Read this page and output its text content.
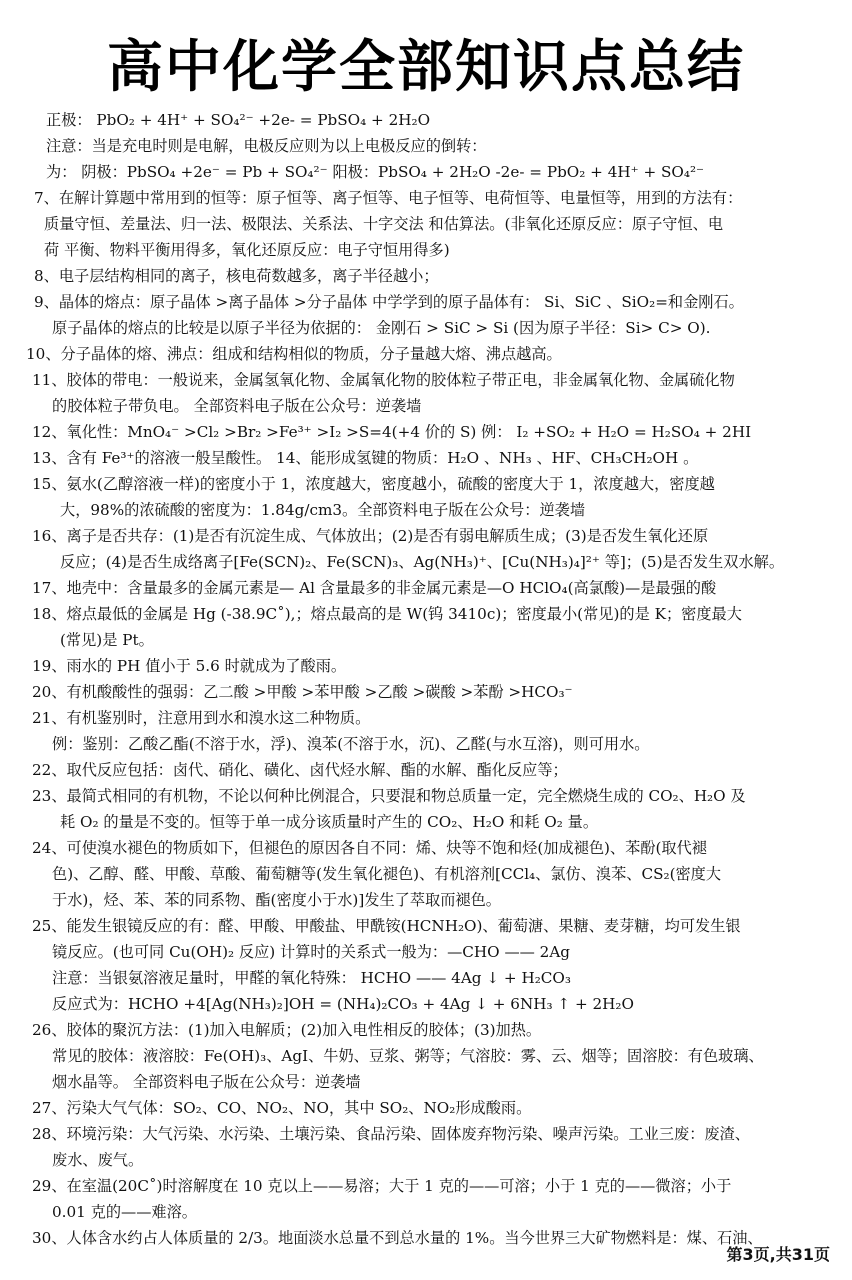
高中化学全部知识点总结
正极： PbO₂ + 4H⁺ + SO₄²⁻ +2e- = PbSO₄ + 2H₂O
注意：当是充电时则是电解，电极反应则为以上电极反应的倒转：
为： 阴极：PbSO₄ +2e⁻ = Pb + SO₄²⁻ 阳极：PbSO₄ + 2H₂O -2e- = PbO₂ + 4H⁺ + SO₄²⁻
7、在解计算题中常用到的恒等：原子恒等、离子恒等、电子恒等、电荷恒等、电量恒等，用到的方法有：
质量守恒、差量法、归一法、极限法、关系法、十字交法 和估算法。(非氧化还原反应：原子守恒、电
荷 平衡、物料平衡用得多，氧化还原反应：电子守恒用得多)
8、电子层结构相同的离子，核电荷数越多，离子半径越小；
9、晶体的熔点：原子晶体 >离子晶体 >分子晶体 中学学到的原子晶体有： Si、SiC 、SiO₂=和金刚石。
原子晶体的熔点的比较是以原子半径为依据的： 金刚石 > SiC > Si (因为原子半径：Si> C> O).
10、分子晶体的熔、沸点：组成和结构相似的物质，分子量越大熔、沸点越高。
11、胶体的带电：一般说来，金属氢氧化物、金属氧化物的胶体粒子带正电，非金属氧化物、金属硫化物
的胶体粒子带负电。 全部资料电子版在公众号：逆袭墙
12、氧化性：MnO₄⁻ >Cl₂ >Br₂ >Fe³⁺ >I₂ >S=4(+4 价的 S) 例： I₂ +SO₂ + H₂O = H₂SO₄ + 2HI
13、含有 Fe³⁺的溶液一般呈酸性。 14、能形成氢键的物质：H₂O 、NH₃ 、HF、CH₃CH₂OH 。
15、氨水(乙醇溶液一样)的密度小于 1，浓度越大，密度越小，硫酸的密度大于 1，浓度越大，密度越
大，98%的浓硫酸的密度为：1.84g/cm3。全部资料电子版在公众号：逆袭墙
16、离子是否共存：(1)是否有沉淀生成、气体放出；(2)是否有弱电解质生成；(3)是否发生氧化还原
反应；(4)是否生成络离子[Fe(SCN)₂、Fe(SCN)₃、Ag(NH₃)⁺、[Cu(NH₃)₄]²⁺ 等]；(5)是否发生双水解。
17、地壳中：含量最多的金属元素是— Al 含量最多的非金属元素是—O HClO₄(高氯酸)—是最强的酸
18、熔点最低的金属是 Hg (-38.9C˚),；熔点最高的是 W(钨 3410c)；密度最小(常见)的是 K；密度最大
(常见)是 Pt。
19、雨水的 PH 值小于 5.6 时就成为了酸雨。
20、有机酸酸性的强弱：乙二酸 >甲酸 >苯甲酸 >乙酸 >碳酸 >苯酚 >HCO₃⁻
21、有机鉴别时，注意用到水和溴水这二种物质。
例：鉴别：乙酸乙酯(不溶于水，浮)、溴苯(不溶于水，沉)、乙醛(与水互溶)，则可用水。
22、取代反应包括：卤代、硝化、磺化、卤代烃水解、酯的水解、酯化反应等；
23、最简式相同的有机物，不论以何种比例混合，只要混和物总质量一定，完全燃烧生成的 CO₂、H₂O 及
耗 O₂ 的量是不变的。恒等于单一成分该质量时产生的 CO₂、H₂O 和耗 O₂ 量。
24、可使溴水褪色的物质如下，但褪色的原因各自不同：烯、炔等不饱和烃(加成褪色)、苯酚(取代褪
色)、乙醇、醛、甲酸、草酸、葡萄糖等(发生氧化褪色)、有机溶剂[CCl₄、氯仿、溴苯、CS₂(密度大
于水)，烃、苯、苯的同系物、酯(密度小于水)]发生了萃取而褪色。
25、能发生银镜反应的有：醛、甲酸、甲酸盐、甲酰铵(HCNH₂O)、葡萄溏、果糖、麦芽糖，均可发生银
镜反应。(也可同 Cu(OH)₂ 反应) 计算时的关系式一般为：—CHO —— 2Ag
注意：当银氨溶液足量时，甲醛的氧化特殊： HCHO —— 4Ag ↓ + H₂CO₃
反应式为：HCHO +4[Ag(NH₃)₂]OH = (NH₄)₂CO₃ + 4Ag ↓ + 6NH₃ ↑ + 2H₂O
26、胶体的聚沉方法：(1)加入电解质；(2)加入电性相反的胶体；(3)加热。
常见的胶体：液溶胶：Fe(OH)₃、AgI、牛奶、豆浆、粥等；气溶胶：雾、云、烟等；固溶胶：有色玻璃、
烟水晶等。 全部资料电子版在公众号：逆袭墙
27、污染大气气体：SO₂、CO、NO₂、NO，其中 SO₂、NO₂形成酸雨。
28、环境污染：大气污染、水污染、土壤污染、食品污染、固体废弃物污染、噪声污染。工业三废：废渣、
废水、废气。
29、在室温(20C˚)时溶解度在 10 克以上——易溶；大于 1 克的——可溶；小于 1 克的——微溶；小于
0.01 克的——难溶。
30、人体含水约占人体质量的 2/3。地面淡水总量不到总水量的 1%。当今世界三大矿物燃料是：煤、石油、
第3页,共31页
